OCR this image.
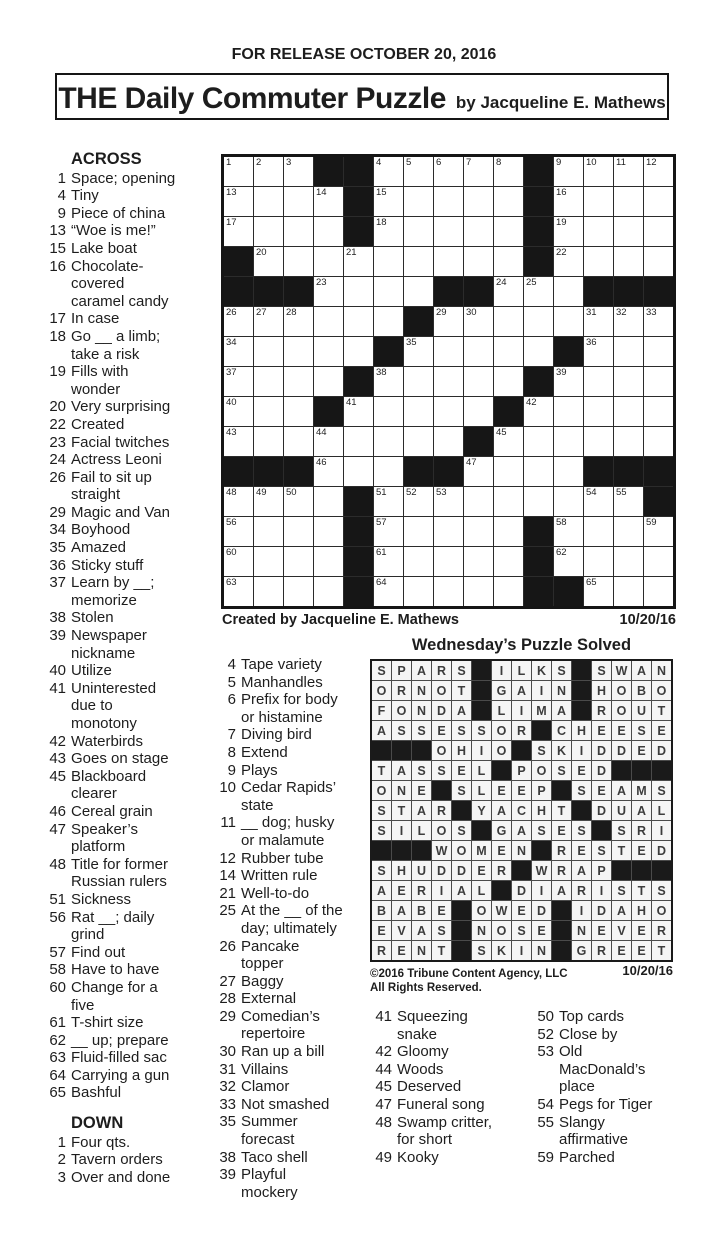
FOR RELEASE OCTOBER 20, 2016
THE Daily Commuter Puzzle by Jacqueline E. Mathews
ACROSS
1 Space; opening
4 Tiny
9 Piece of china
13 “Woe is me!”
15 Lake boat
16 Chocolate-covered caramel candy
17 In case
18 Go __ a limb; take a risk
19 Fills with wonder
20 Very surprising
22 Created
23 Facial twitches
24 Actress Leoni
26 Fail to sit up straight
29 Magic and Van
34 Boyhood
35 Amazed
36 Sticky stuff
37 Learn by __; memorize
38 Stolen
39 Newspaper nickname
40 Utilize
41 Uninterested due to monotony
42 Waterbirds
43 Goes on stage
45 Blackboard clearer
46 Cereal grain
47 Speaker’s platform
48 Title for former Russian rulers
51 Sickness
56 Rat __; daily grind
57 Find out
58 Have to have
60 Change for a five
61 T-shirt size
62 __ up; prepare
63 Fluid-filled sac
64 Carrying a gun
65 Bashful
DOWN
1 Four qts.
2 Tavern orders
3 Over and done
4 Tape variety
5 Manhandles
6 Prefix for body or histamine
7 Diving bird
8 Extend
9 Plays
10 Cedar Rapids’ state
11 __ dog; husky or malamute
12 Rubber tube
14 Written rule
21 Well-to-do
25 At the __ of the day; ultimately
26 Pancake topper
27 Baggy
28 External
29 Comedian’s repertoire
30 Ran up a bill
31 Villains
32 Clamor
33 Not smashed
35 Summer forecast
38 Taco shell
39 Playful mockery
41 Squeezing snake
42 Gloomy
44 Woods
45 Deserved
47 Funeral song
48 Swamp critter, for short
49 Kooky
50 Top cards
52 Close by
53 Old MacDonald’s place
54 Pegs for Tiger
55 Slangy affirmative
59 Parched
1	2	3	4	5	6	7	8	9	10 11 12
13	14	15	16
17	18	19
20	21	22
23	24 25
26 27 28	29 30	31 32 33
34	35	36
37	38	39
40	41	42
43	44	45
46	47
48 49 50	51 52 53	54 55
56	57	58	59
60	61	62
63	64	65
Created by Jacqueline E. Mathews	10/20/16
Wednesday’s Puzzle Solved
S P A R S	I	L K S	S W A N
O R N O T	G A	I	N	H O B O
F O N D A	L	I	M A	R O U T
A S S E S S O R	C H E E S E
O H	I	O	S K	I	D D E D
T A S S E L	P O S E D
O N E	S L E E P	S E A M S
S T A R	Y A C H T	D U A L
S	I	L O S	G A S E S	S R	I
W O M E N	R E S T E D
S H U D D E R	W R A P
A E R	I	A L	D	I	A R	I	S T S
B A B E	O W E D	I	D A H O
E V A S	N O S E	N E V E R
R E N T	S K	I	N	G R E E T
©2016 Tribune Content Agency, LLC
All Rights Reserved.
10/20/16
